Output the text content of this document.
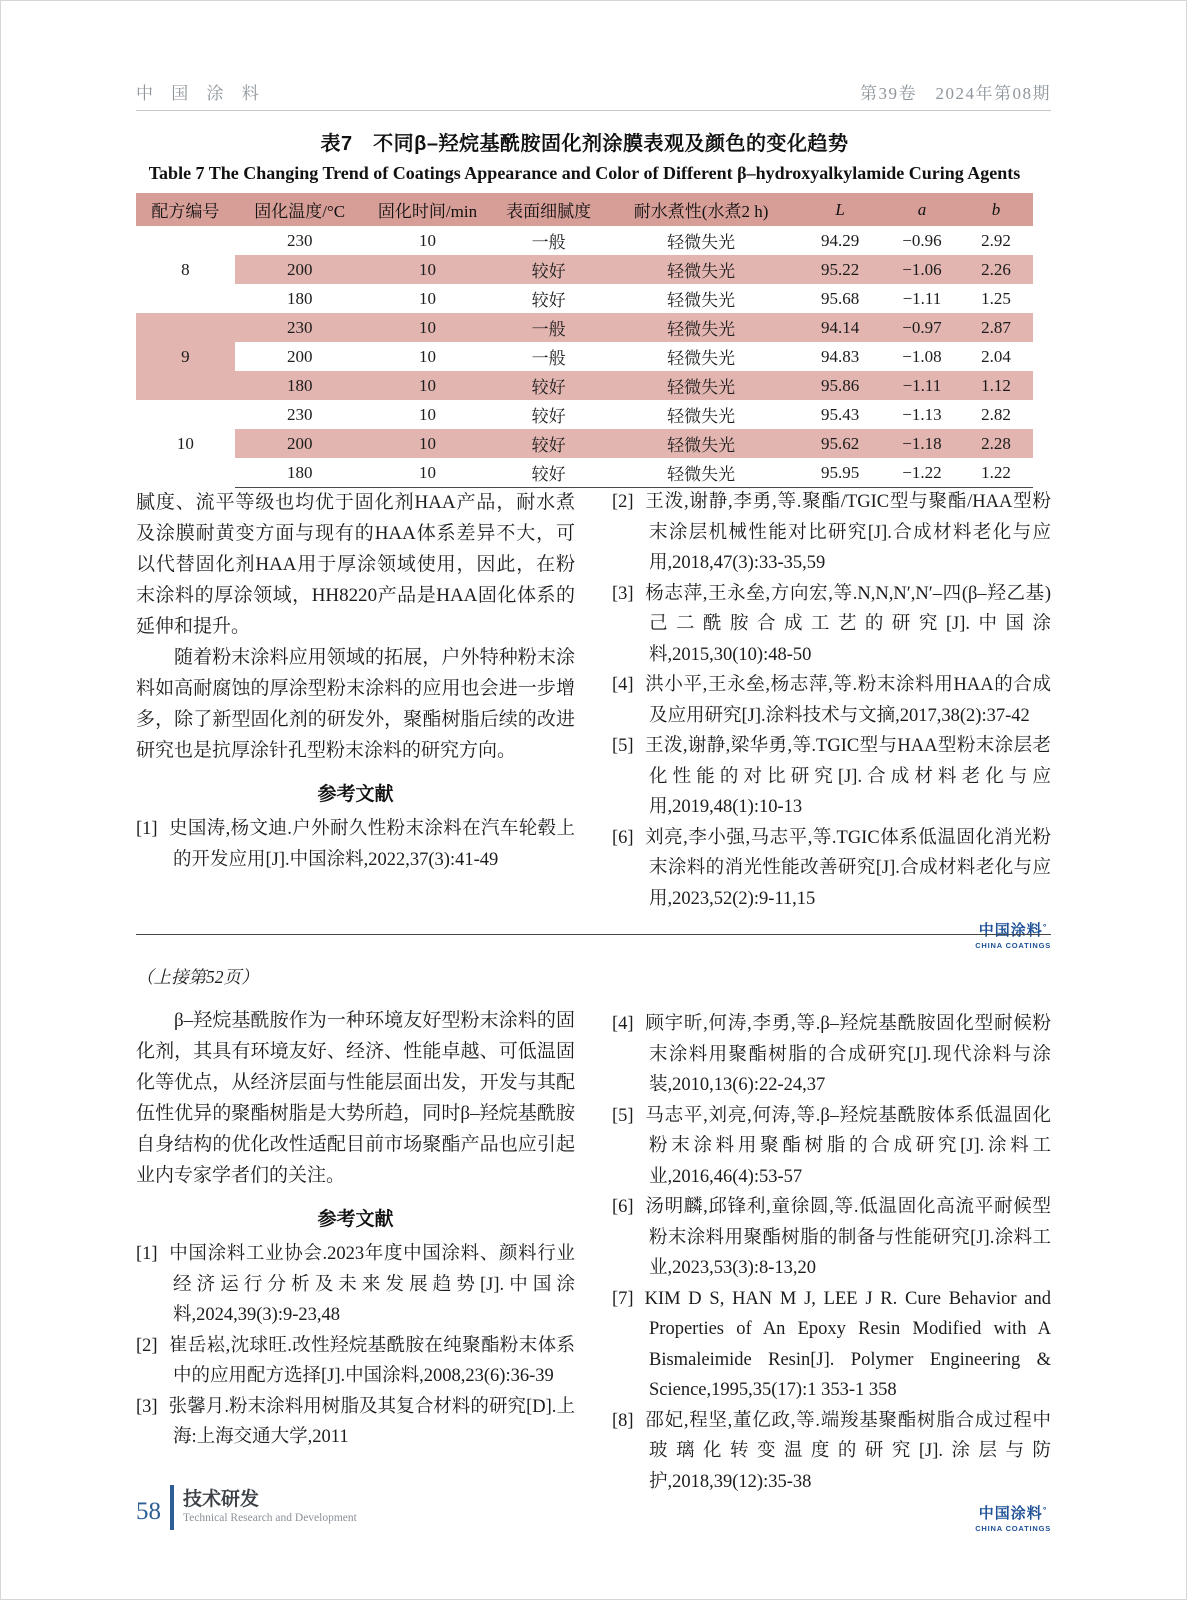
中 国 涂 料	第39卷　2024年第08期
表7　不同β–羟烷基酰胺固化剂涂膜表观及颜色的变化趋势
Table 7 The Changing Trend of Coatings Appearance and Color of Different β–hydroxyalkylamide Curing Agents
配方编号	固化温度/°C	固化时间/min	表面细腻度	耐水煮性(水煮2 h)	L	a	b
8	230	10	一般	轻微失光	94.29	−0.96	2.92
	200	10	较好	轻微失光	95.22	−1.06	2.26
	180	10	较好	轻微失光	95.68	−1.11	1.25
9	230	10	一般	轻微失光	94.14	−0.97	2.87
	200	10	一般	轻微失光	94.83	−1.08	2.04
	180	10	较好	轻微失光	95.86	−1.11	1.12
10	230	10	较好	轻微失光	95.43	−1.13	2.82
	200	10	较好	轻微失光	95.62	−1.18	2.28
	180	10	较好	轻微失光	95.95	−1.22	1.22

腻度、流平等级也均优于固化剂HAA产品，耐水煮及涂膜耐黄变方面与现有的HAA体系差异不大，可以代替固化剂HAA用于厚涂领域使用，因此，在粉末涂料的厚涂领域，HH8220产品是HAA固化体系的延伸和提升。

随着粉末涂料应用领域的拓展，户外特种粉末涂料如高耐腐蚀的厚涂型粉末涂料的应用也会进一步增多，除了新型固化剂的研发外，聚酯树脂后续的改进研究也是抗厚涂针孔型粉末涂料的研究方向。

参考文献
[1] 史国涛,杨文迪.户外耐久性粉末涂料在汽车轮毂上的开发应用[J].中国涂料,2022,37(3):41-49
[2] 王泼,谢静,李勇,等.聚酯/TGIC型与聚酯/HAA型粉末涂层机械性能对比研究[J].合成材料老化与应用,2018,47(3):33-35,59
[3] 杨志萍,王永垒,方向宏,等.N,N,N′,N′–四(β–羟乙基)己二酰胺合成工艺的研究[J].中国涂料,2015,30(10):48-50
[4] 洪小平,王永垒,杨志萍,等.粉末涂料用HAA的合成及应用研究[J].涂料技术与文摘,2017,38(2):37-42
[5] 王泼,谢静,梁华勇,等.TGIC型与HAA型粉末涂层老化性能的对比研究[J].合成材料老化与应用,2019,48(1):10-13
[6] 刘亮,李小强,马志平,等.TGIC体系低温固化消光粉末涂料的消光性能改善研究[J].合成材料老化与应用,2023,52(2):9-11,15
中国涂料°
CHINA COATINGS
（上接第52页）

β–羟烷基酰胺作为一种环境友好型粉末涂料的固化剂，其具有环境友好、经济、性能卓越、可低温固化等优点，从经济层面与性能层面出发，开发与其配伍性优异的聚酯树脂是大势所趋，同时β–羟烷基酰胺自身结构的优化改性适配目前市场聚酯产品也应引起业内专家学者们的关注。

参考文献
[1] 中国涂料工业协会.2023年度中国涂料、颜料行业经济运行分析及未来发展趋势[J].中国涂料,2024,39(3):9-23,48
[2] 崔岳崧,沈球旺.改性羟烷基酰胺在纯聚酯粉末体系中的应用配方选择[J].中国涂料,2008,23(6):36-39
[3] 张馨月.粉末涂料用树脂及其复合材料的研究[D].上海:上海交通大学,2011
[4] 顾宇昕,何涛,李勇,等.β–羟烷基酰胺固化型耐候粉末涂料用聚酯树脂的合成研究[J].现代涂料与涂装,2010,13(6):22-24,37
[5] 马志平,刘亮,何涛,等.β–羟烷基酰胺体系低温固化粉末涂料用聚酯树脂的合成研究[J].涂料工业,2016,46(4):53-57
[6] 汤明麟,邱锋利,童徐圆,等.低温固化高流平耐候型粉末涂料用聚酯树脂的制备与性能研究[J].涂料工业,2023,53(3):8-13,20
[7] KIM D S, HAN M J, LEE J R. Cure Behavior and Properties of An Epoxy Resin Modified with A Bismaleimide Resin[J]. Polymer Engineering & Science,1995,35(17):1 353-1 358
[8] 邵妃,程坚,董亿政,等.端羧基聚酯树脂合成过程中玻璃化转变温度的研究[J].涂层与防护,2018,39(12):35-38
中国涂料°
CHINA COATINGS
58 技术研发
Technical Research and Development
